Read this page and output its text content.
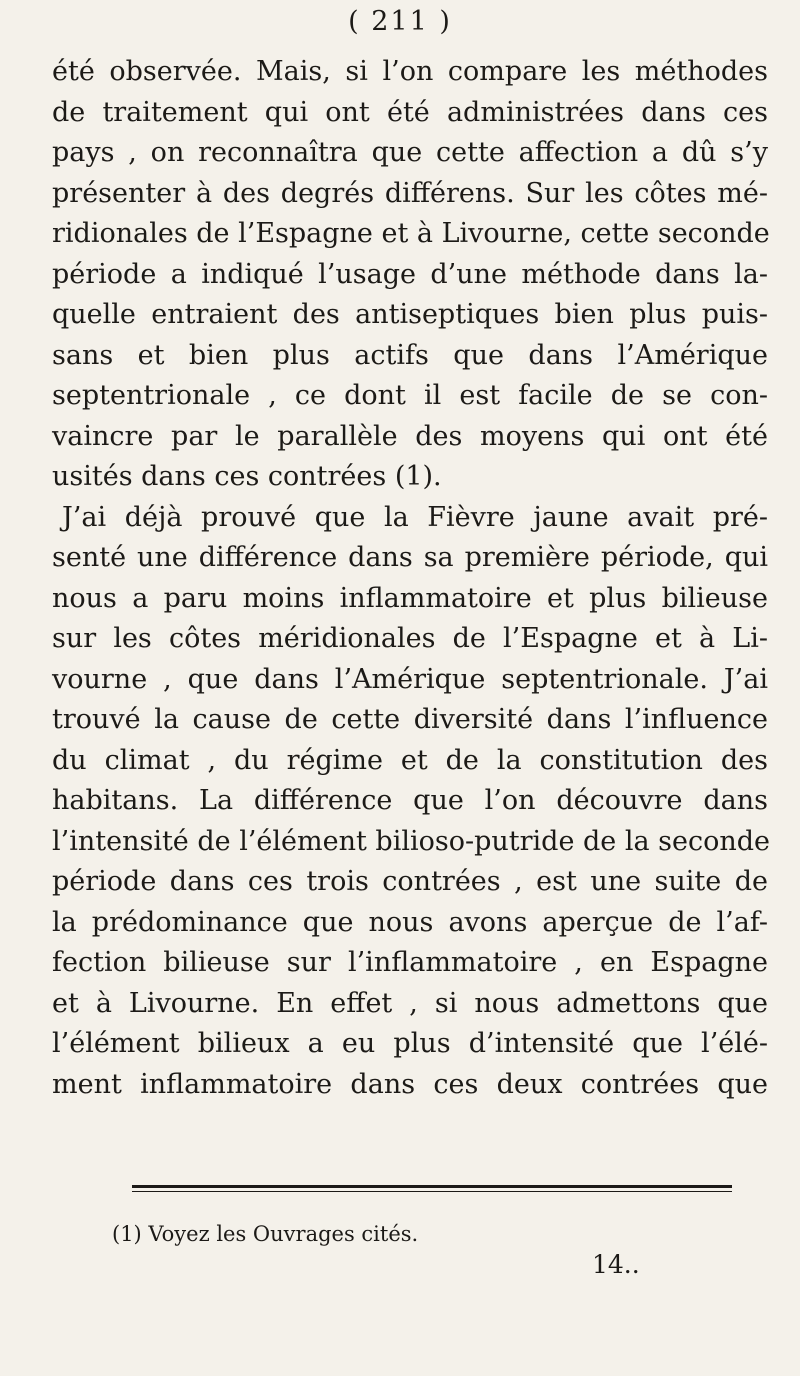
( 211 )
été observée. Mais, si l’on compare les méthodes
de traitement qui ont été administrées dans ces
pays , on reconnaîtra que cette affection a dû s’y
présenter à des degrés différens. Sur les côtes mé-
ridionales de l’Espagne et à Livourne, cette seconde
période a indiqué l’usage d’une méthode dans la-
quelle entraient des antiseptiques bien plus puis-
sans et bien plus actifs que dans l’Amérique
septentrionale , ce dont il est facile de se con-
vaincre par le parallèle des moyens qui ont été
usités dans ces contrées (1).
J’ai déjà prouvé que la Fièvre jaune avait pré-
senté une différence dans sa première période, qui
nous a paru moins inflammatoire et plus bilieuse
sur les côtes méridionales de l’Espagne et à Li-
vourne , que dans l’Amérique septentrionale. J’ai
trouvé la cause de cette diversité dans l’influence
du climat , du régime et de la constitution des
habitans. La différence que l’on découvre dans
l’intensité de l’élément bilioso-putride de la seconde
période dans ces trois contrées , est une suite de
la prédominance que nous avons aperçue de l’af-
fection bilieuse sur l’inflammatoire , en Espagne
et à Livourne. En effet , si nous admettons que
l’élément bilieux a eu plus d’intensité que l’élé-
ment inflammatoire dans ces deux contrées que
(1) Voyez les Ouvrages cités.
14..
